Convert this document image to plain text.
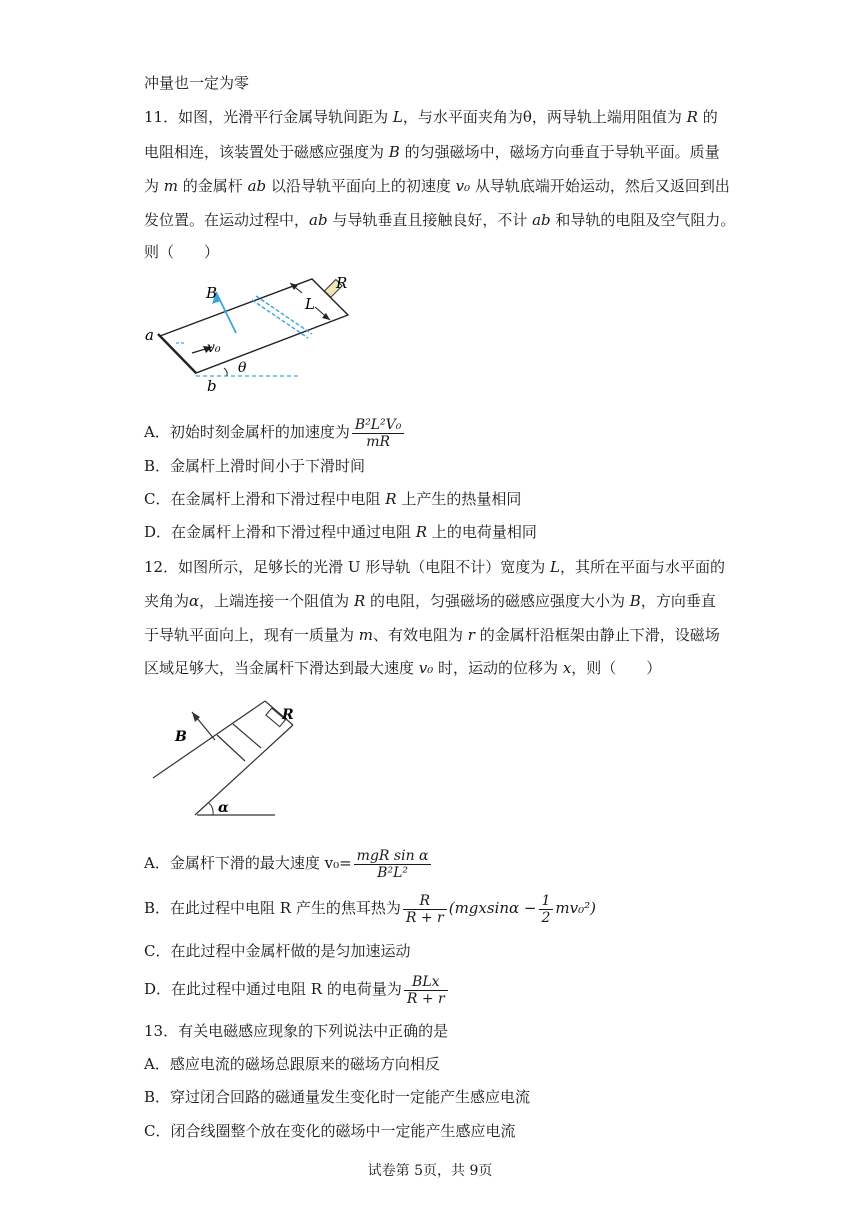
冲量也一定为零
11．如图，光滑平行金属导轨间距为 L，与水平面夹角为θ，两导轨上端用阻值为 R 的
电阻相连，该装置处于磁感应强度为 B 的匀强磁场中，磁场方向垂直于导轨平面。质量
为 m 的金属杆 ab 以沿导轨平面向上的初速度 v₀ 从导轨底端开始运动，然后又返回到出
发位置。在运动过程中，ab 与导轨垂直且接触良好，不计 ab 和导轨的电阻及空气阻力。
则（　　）
B
R
L
a
b
v₀
θ
A．初始时刻金属杆的加速度为 $\frac{\text{B²L²V₀}}{mR}$
B．金属杆上滑时间小于下滑时间
C．在金属杆上滑和下滑过程中电阻 R 上产生的热量相同
D．在金属杆上滑和下滑过程中通过电阻 R 上的电荷量相同
12．如图所示，足够长的光滑 U 形导轨（电阻不计）宽度为 L，其所在平面与水平面的
夹角为α，上端连接一个阻值为 R 的电阻，匀强磁场的磁感应强度大小为 B，方向垂直
于导轨平面向上，现有一质量为 m、有效电阻为 r 的金属杆沿框架由静止下滑，设磁场
区域足够大，当金属杆下滑达到最大速度 v₀ 时，运动的位移为 x，则（　　）
B
R
α
A．金属杆下滑的最大速度 $v_0= \frac{\text{mgR sin α}}{\text{B²L²}}$
B．在此过程中电阻 R 产生的焦耳热为 $\frac{R}{R + r} (mgxsin\alpha - \frac{1}{2} mv_0^2)$
C．在此过程中金属杆做的是匀加速运动
D．在此过程中通过电阻 R 的电荷量为 $\frac{\text{BLx}}{R + r}$
13．有关电磁感应现象的下列说法中正确的是
A．感应电流的磁场总跟原来的磁场方向相反
B．穿过闭合回路的磁通量发生变化时一定能产生感应电流
C．闭合线圈整个放在变化的磁场中一定能产生感应电流
试卷第 5页，共 9页
